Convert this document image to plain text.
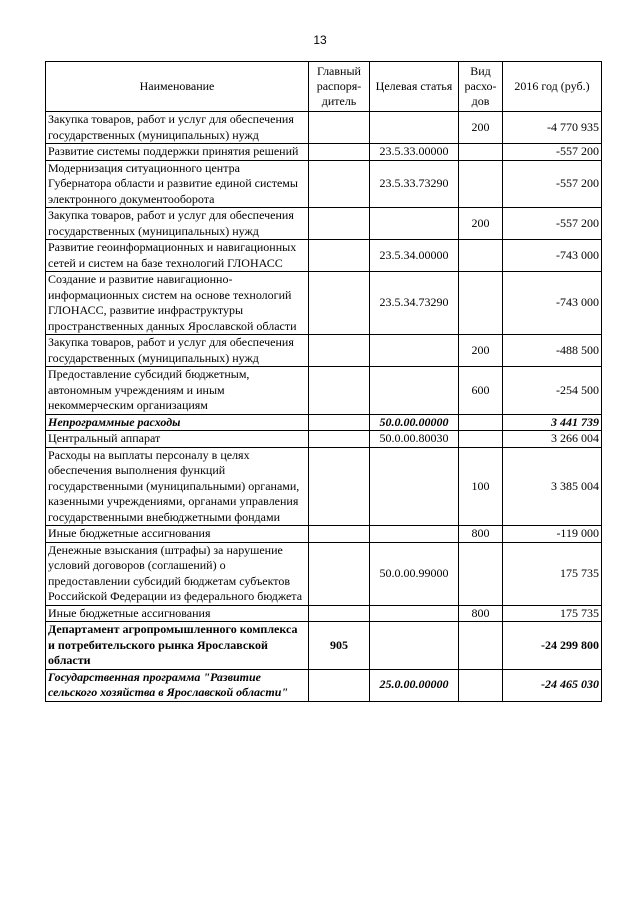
13
Наименование	Главный распоря-дитель	Целевая статья	Вид расхо-дов	2016 год (руб.)
Закупка товаров, работ и услуг для обеспечения государственных (муниципальных) нужд			200	-4 770 935
Развитие системы поддержки принятия решений		23.5.33.00000		-557 200
Модернизация ситуационного центра Губернатора области и развитие единой системы электронного документооборота		23.5.33.73290		-557 200
Закупка товаров, работ и услуг для обеспечения государственных (муниципальных) нужд			200	-557 200
Развитие геоинформационных и навигационных сетей и систем на базе технологий ГЛОНАСС		23.5.34.00000		-743 000
Создание и развитие навигационно-информационных систем на основе технологий ГЛОНАСС, развитие инфраструктуры пространственных данных Ярославской области		23.5.34.73290		-743 000
Закупка товаров, работ и услуг для обеспечения государственных (муниципальных) нужд			200	-488 500
Предоставление субсидий бюджетным, автономным учреждениям и иным некоммерческим организациям			600	-254 500
Непрограммные расходы		50.0.00.00000		3 441 739
Центральный аппарат		50.0.00.80030		3 266 004
Расходы на выплаты персоналу в целях обеспечения выполнения функций государственными (муниципальными) органами, казенными учреждениями, органами управления государственными внебюджетными фондами			100	3 385 004
Иные бюджетные ассигнования			800	-119 000
Денежные взыскания (штрафы) за нарушение условий договоров (соглашений) о предоставлении субсидий бюджетам субъектов Российской Федерации из федерального бюджета		50.0.00.99000		175 735
Иные бюджетные ассигнования			800	175 735
Департамент агропромышленного комплекса и потребительского рынка Ярославской области	905			-24 299 800
Государственная программа "Развитие сельского хозяйства в Ярославской области"		25.0.00.00000		-24 465 030
